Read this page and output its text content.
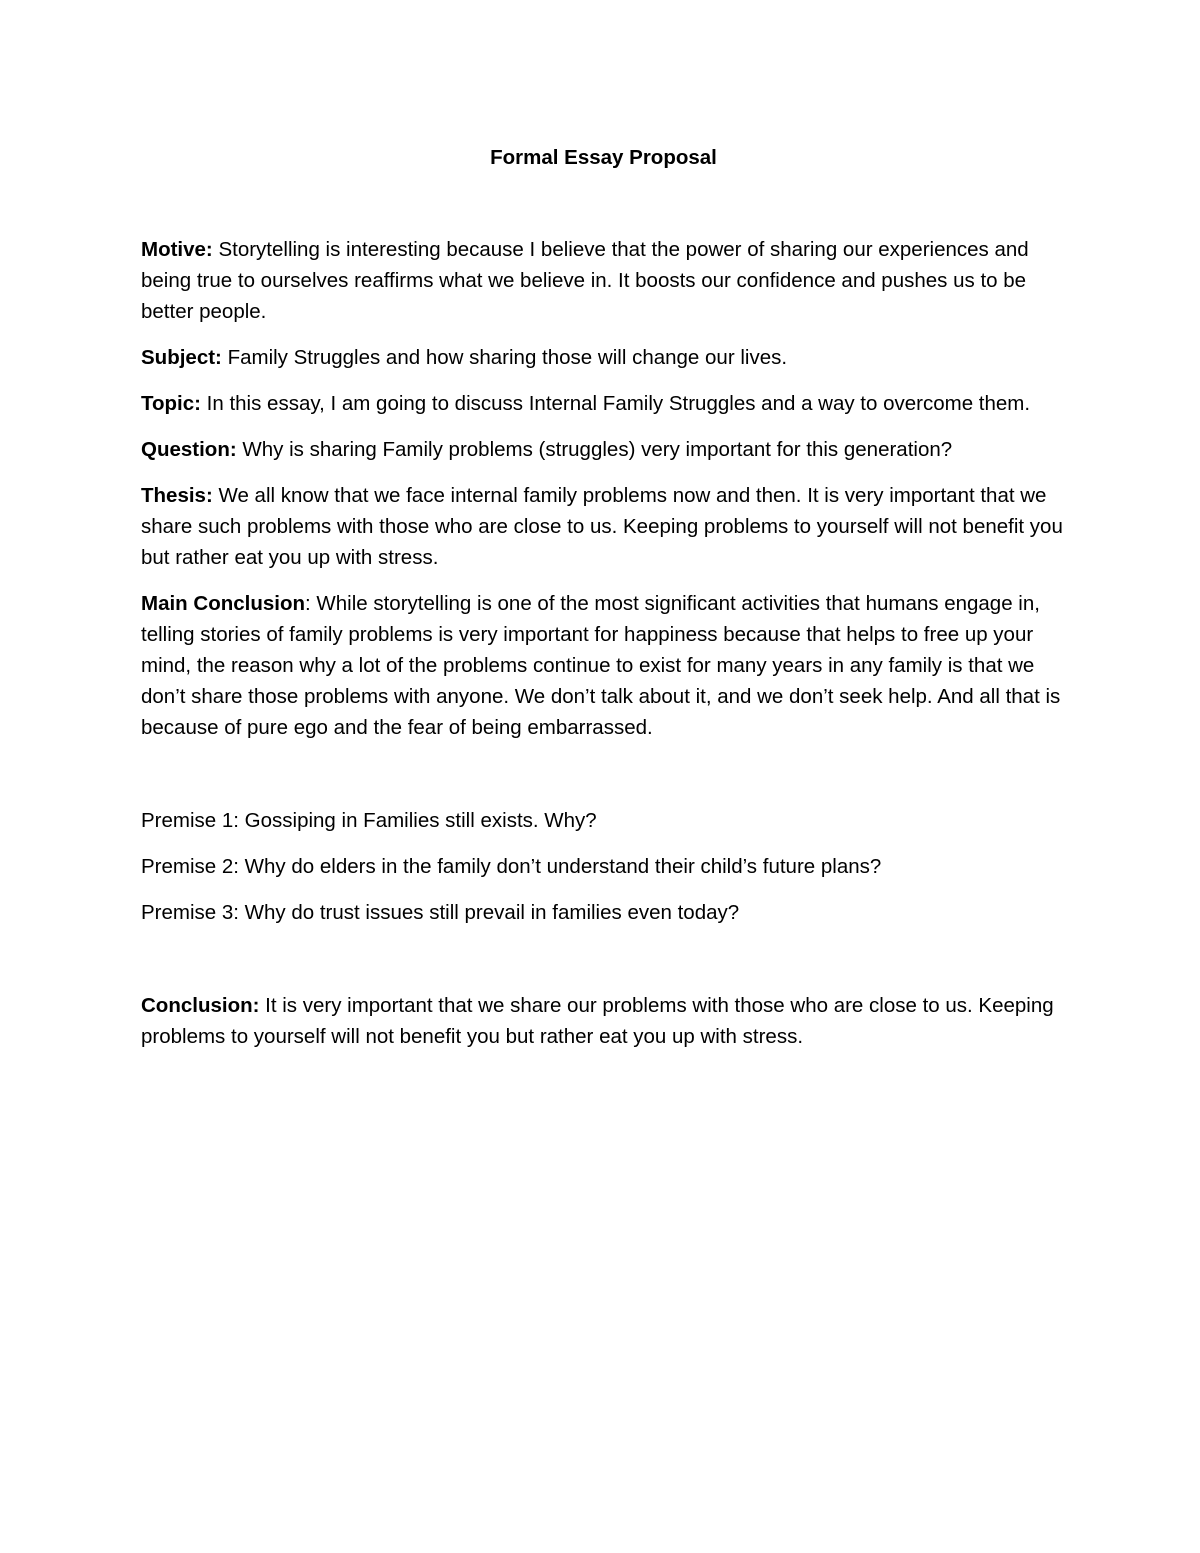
Formal Essay Proposal

Motive: Storytelling is interesting because I believe that the power of sharing our experiences and being true to ourselves reaffirms what we believe in. It boosts our confidence and pushes us to be better people.

Subject: Family Struggles and how sharing those will change our lives.

Topic: In this essay, I am going to discuss Internal Family Struggles and a way to overcome them.

Question: Why is sharing Family problems (struggles) very important for this generation?

Thesis: We all know that we face internal family problems now and then. It is very important that we share such problems with those who are close to us. Keeping problems to yourself will not benefit you but rather eat you up with stress.

Main Conclusion: While storytelling is one of the most significant activities that humans engage in, telling stories of family problems is very important for happiness because that helps to free up your mind, the reason why a lot of the problems continue to exist for many years in any family is that we don’t share those problems with anyone. We don’t talk about it, and we don’t seek help. And all that is because of pure ego and the fear of being embarrassed.

Premise 1: Gossiping in Families still exists. Why?

Premise 2: Why do elders in the family don’t understand their child’s future plans?

Premise 3: Why do trust issues still prevail in families even today?

Conclusion: It is very important that we share our problems with those who are close to us. Keeping problems to yourself will not benefit you but rather eat you up with stress.
